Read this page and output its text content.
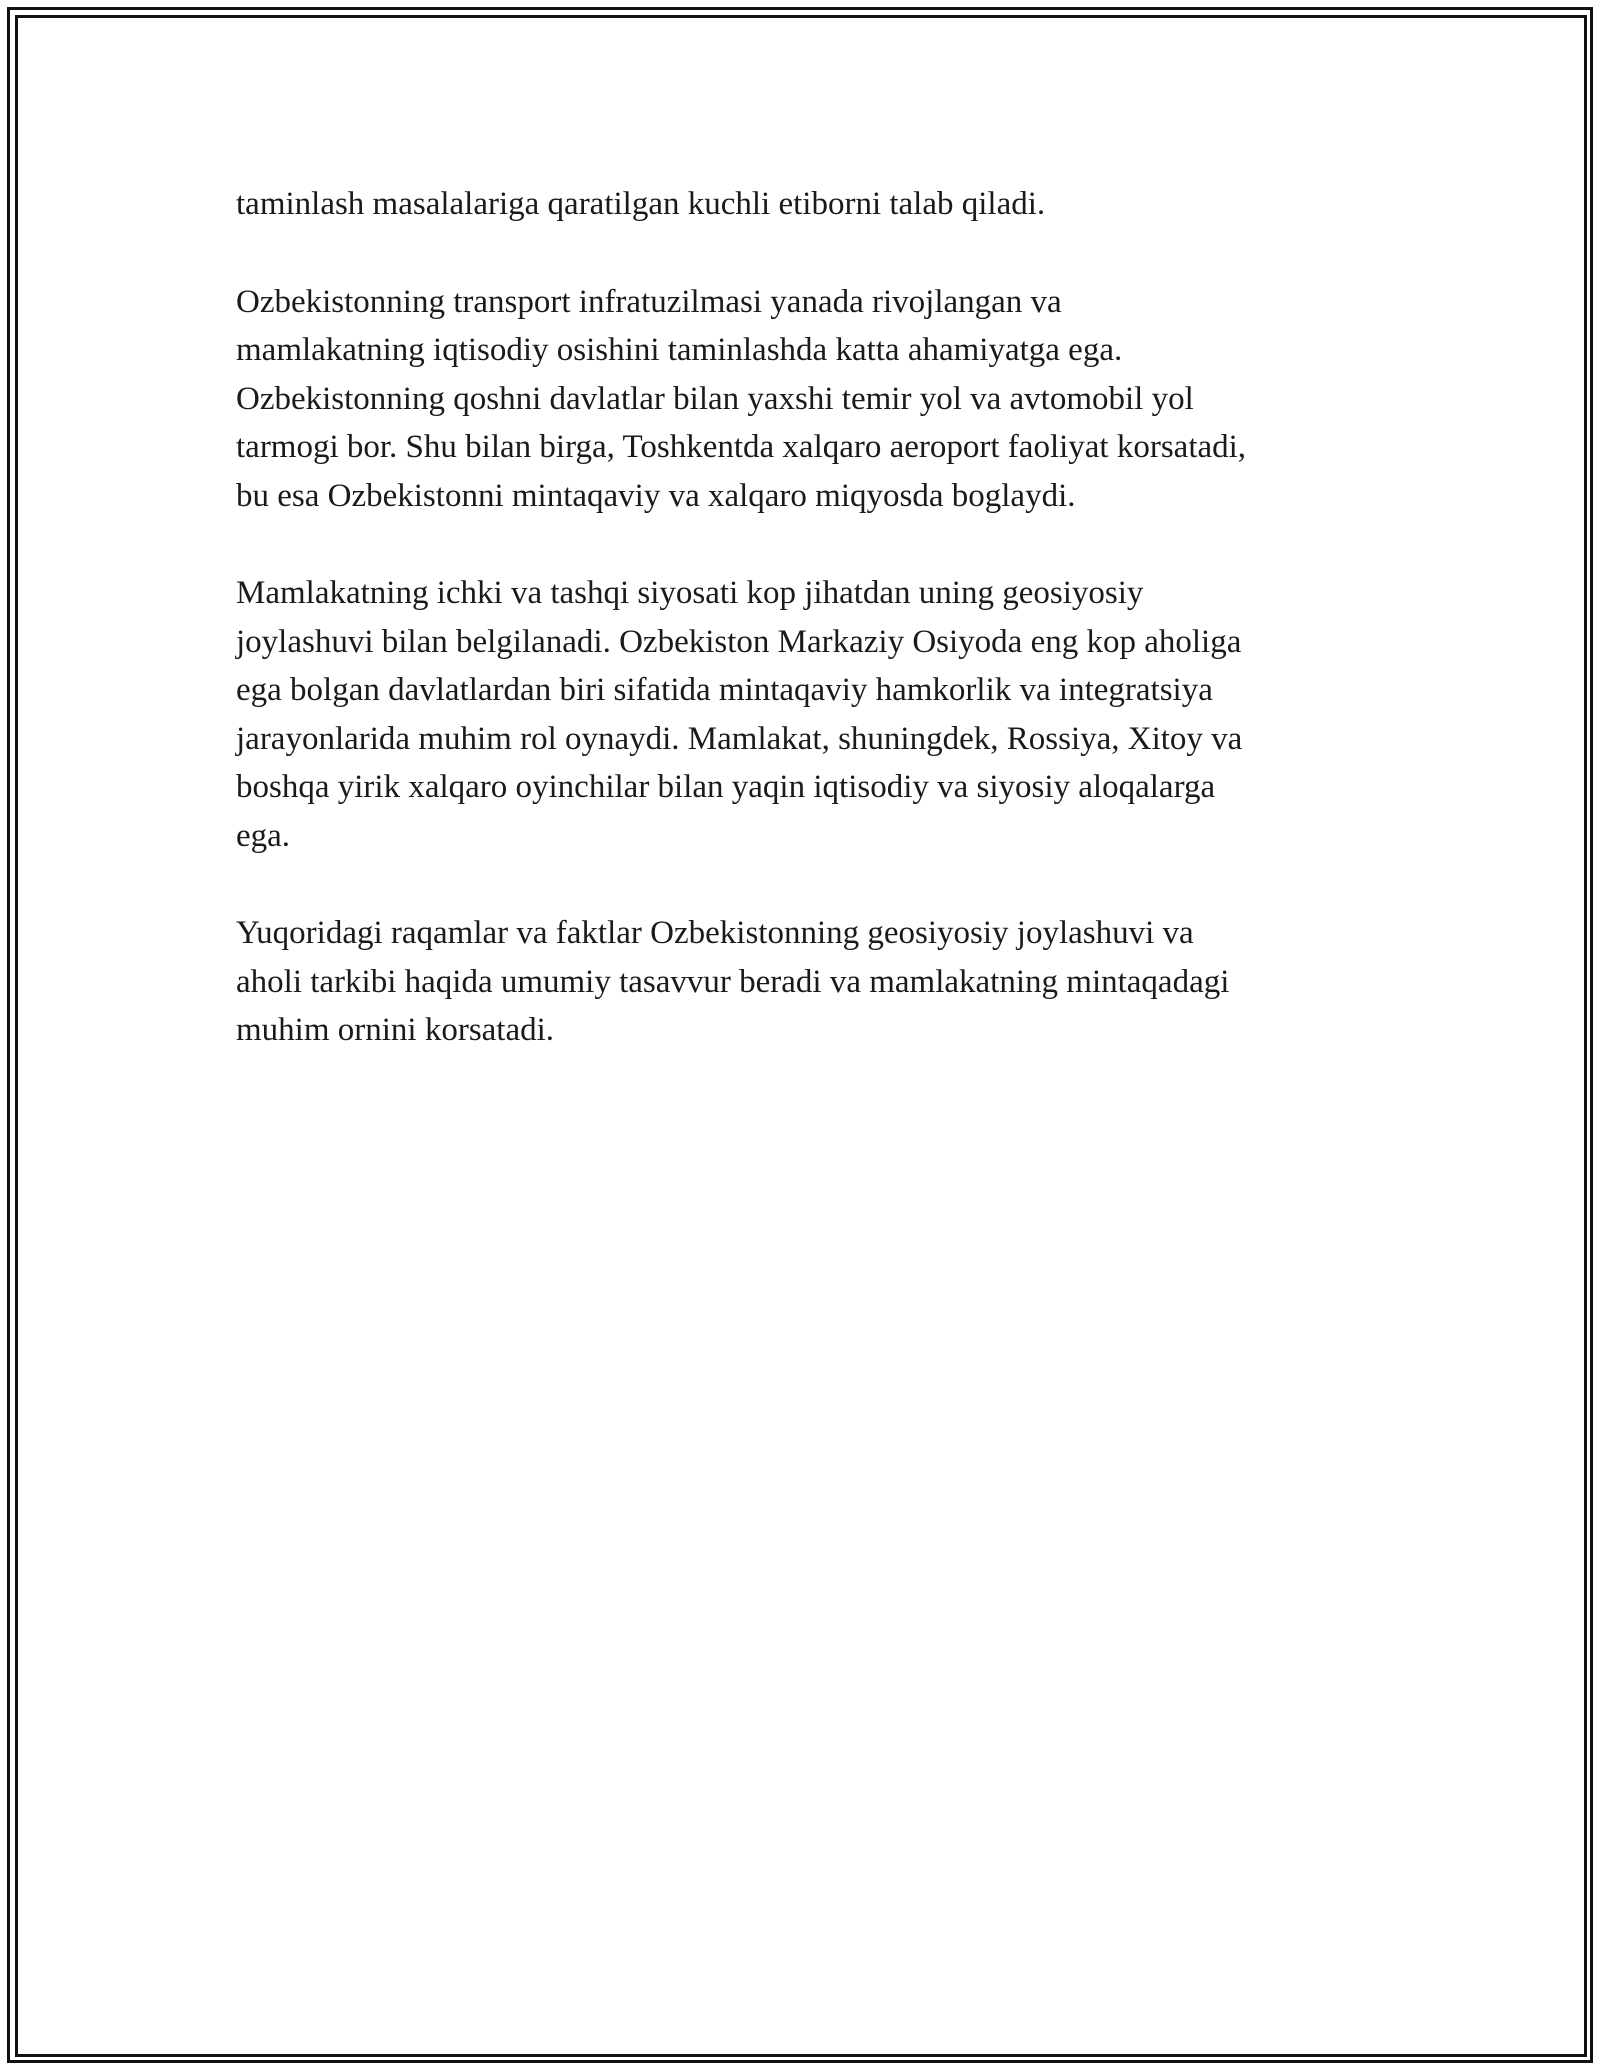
taminlash masalalariga qaratilgan kuchli etiborni talab qiladi.

Ozbekistonning transport infratuzilmasi yanada rivojlangan va
mamlakatning iqtisodiy osishini taminlashda katta ahamiyatga ega.
Ozbekistonning qoshni davlatlar bilan yaxshi temir yol va avtomobil yol
tarmogi bor. Shu bilan birga, Toshkentda xalqaro aeroport faoliyat korsatadi,
bu esa Ozbekistonni mintaqaviy va xalqaro miqyosda boglaydi.

Mamlakatning ichki va tashqi siyosati kop jihatdan uning geosiyosiy
joylashuvi bilan belgilanadi. Ozbekiston Markaziy Osiyoda eng kop aholiga
ega bolgan davlatlardan biri sifatida mintaqaviy hamkorlik va integratsiya
jarayonlarida muhim rol oynaydi. Mamlakat, shuningdek, Rossiya, Xitoy va
boshqa yirik xalqaro oyinchilar bilan yaqin iqtisodiy va siyosiy aloqalarga
ega.

Yuqoridagi raqamlar va faktlar Ozbekistonning geosiyosiy joylashuvi va
aholi tarkibi haqida umumiy tasavvur beradi va mamlakatning mintaqadagi
muhim ornini korsatadi.
